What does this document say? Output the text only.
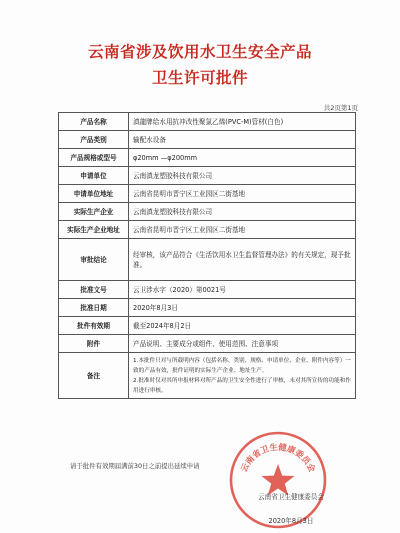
云南省涉及饮用水卫生安全产品
卫生许可批件
共2页第1页
产品名称	滇龍牌给水用抗冲改性聚氯乙烯(PVC-M)管材(白色)
产品类别	输配水设备
产品规格或型号	φ20mm —φ200mm
申请单位	云南滇龙塑胶科技有限公司
申请单位地址	云南省昆明市晋宁区工业园区二街基地
实际生产企业	云南滇龙塑胶科技有限公司
实际生产企业地址	云南省昆明市晋宁区工业园区二街基地
审批结论	经审核，该产品符合《生活饮用水卫生监督管理办法》的有关规定，现予批准。
批准文号	云卫涉水字（2020）第0021号
批准日期	2020年8月3日
批件有效期	截至2024年8月2日
附件	产品说明、主要成分或组件、使用范围、注意事项
备注	1.本批件只对与所载明内容（包括名称、类别、规格、申请单位、企业、附件内容等）一致的产品有效，批件证明的实际生产企业、地址生产。
2.批准时仅对其所申报材料对所产品的卫生安全性进行了审核，未对其所宣传的功能和作用进行审核。
请于批件有效期届满前30日之前提出延续申请	云南省卫生健康委员会
云南省卫生健康委员会
2020年8月3日
